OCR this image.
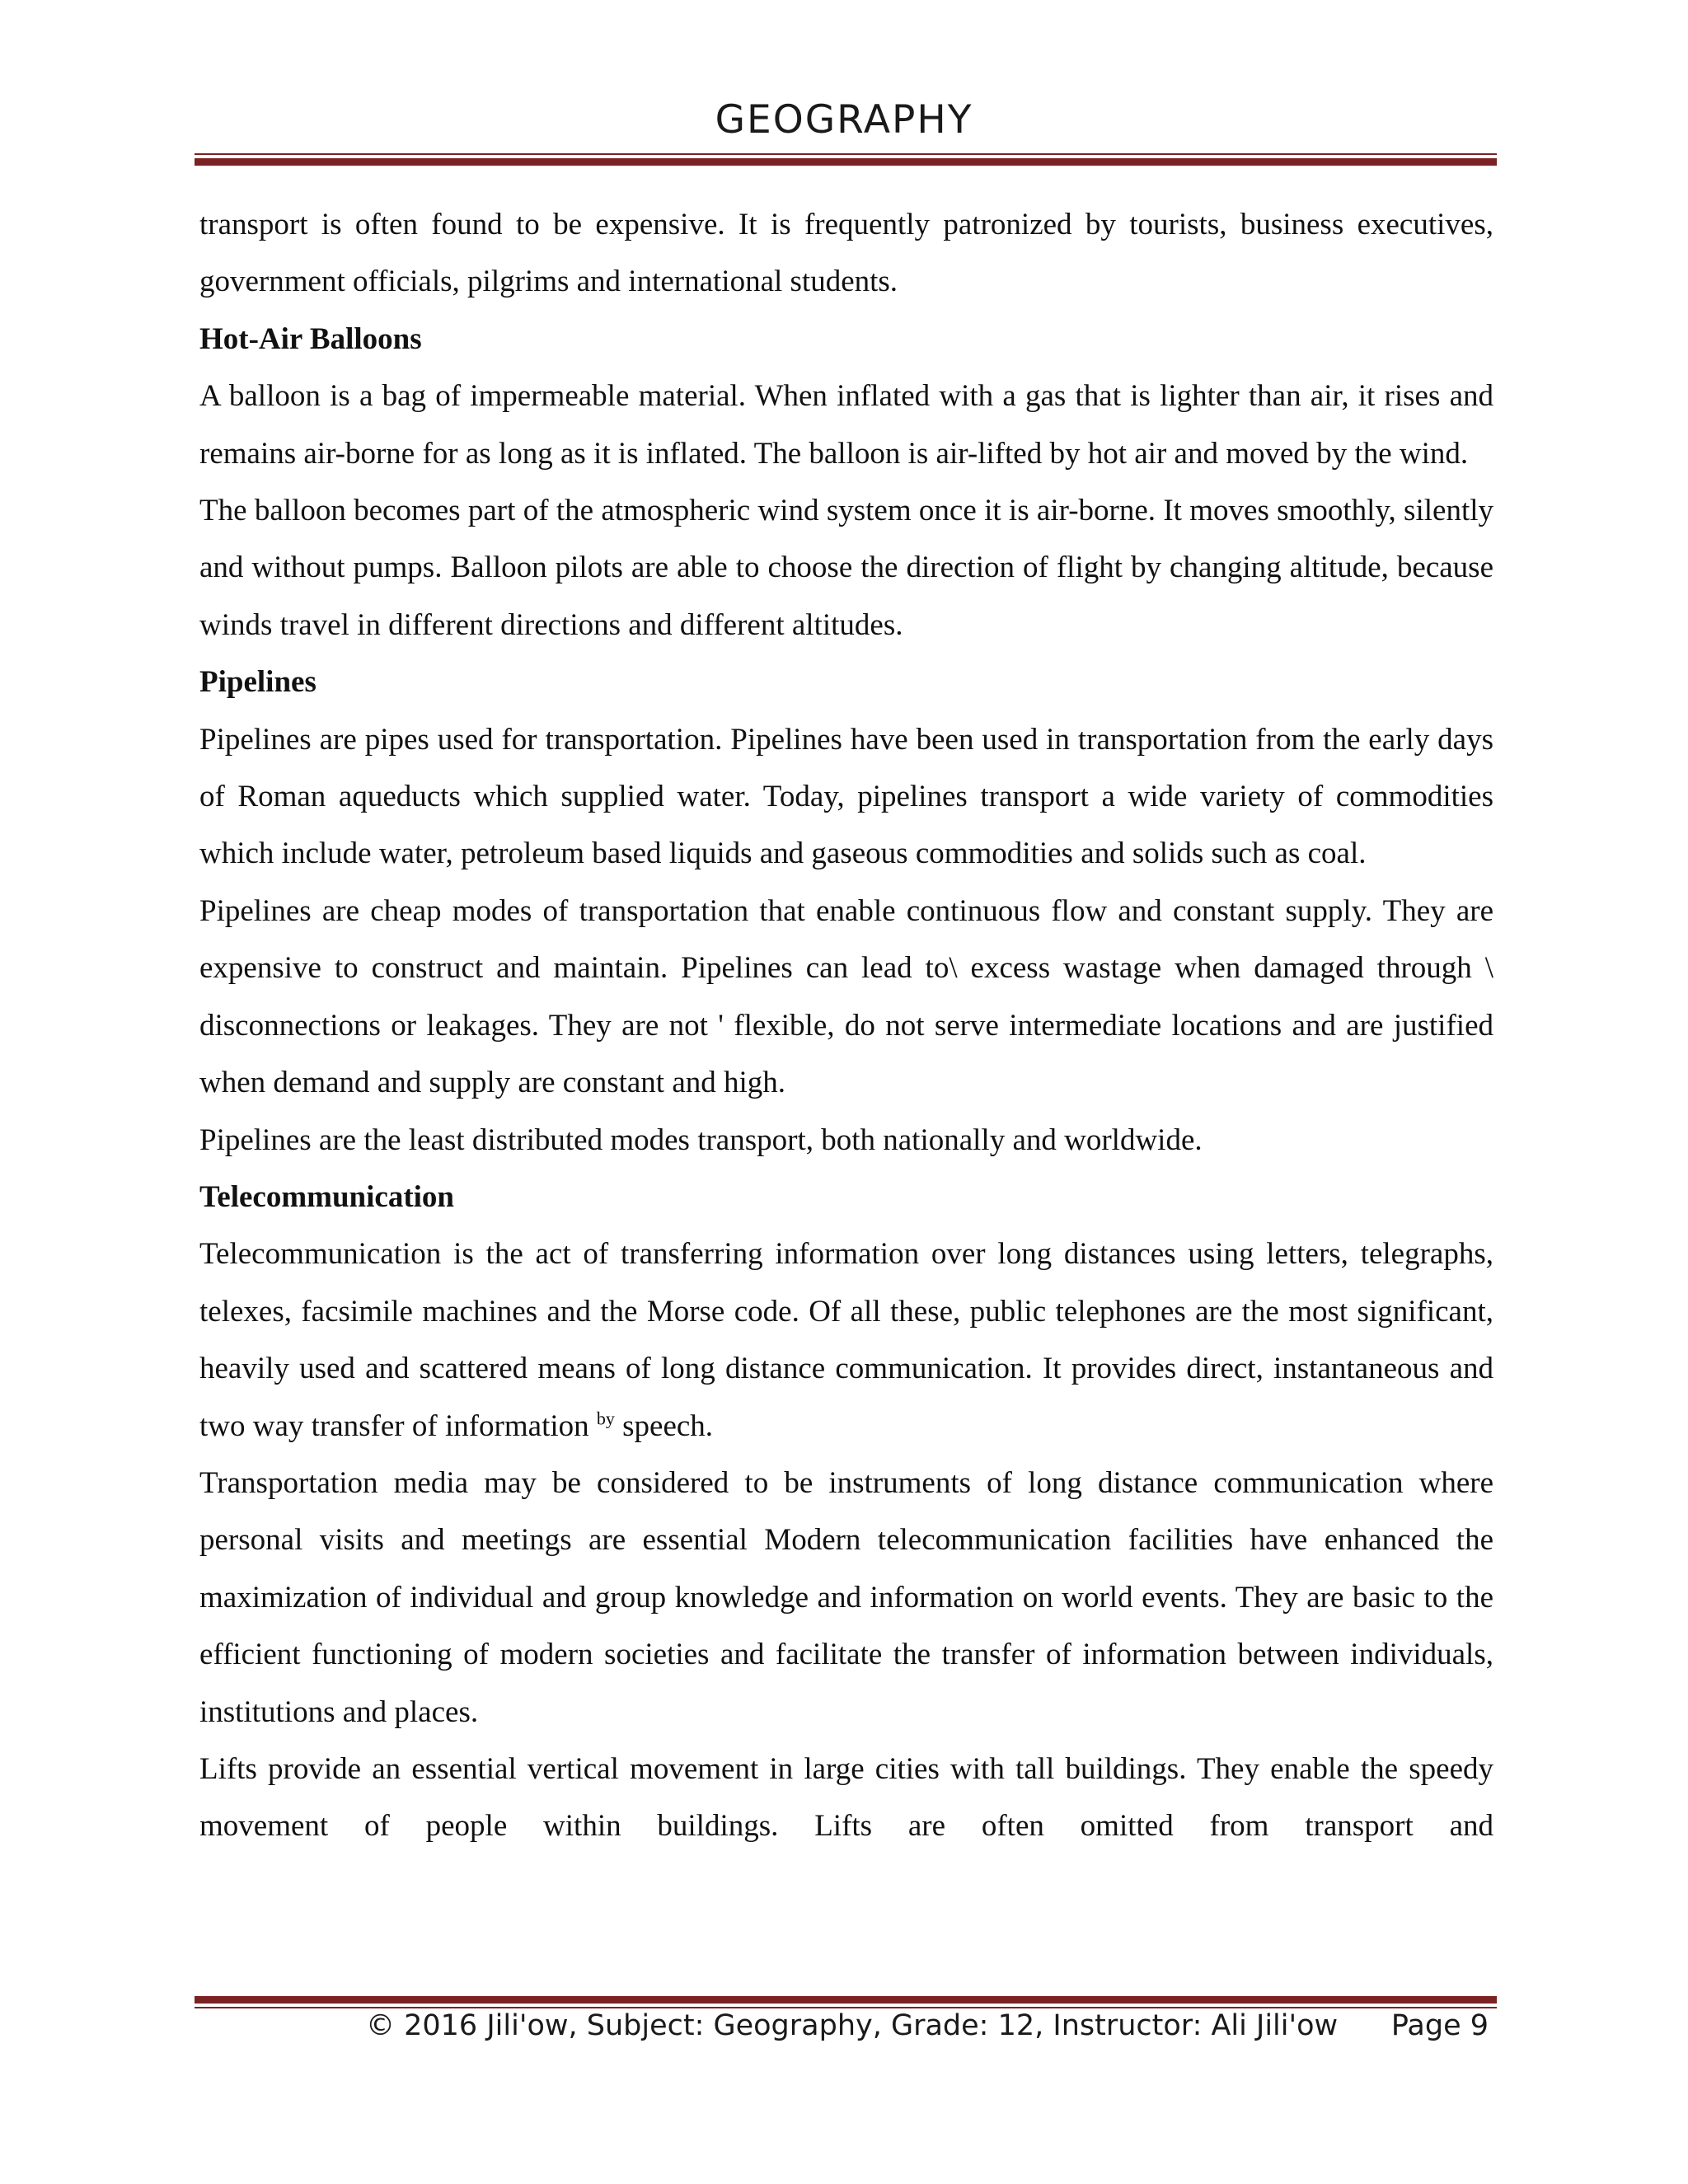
GEOGRAPHY

transport is often found to be expensive. It is frequently patronized by tourists, business executives, government officials, pilgrims and international students.

Hot-Air Balloons

A balloon is a bag of impermeable material. When inflated with a gas that is lighter than air, it rises and remains air-borne for as long as it is inflated. The balloon is air-lifted by hot air and moved by the wind.

The balloon becomes part of the atmospheric wind system once it is air-borne. It moves smoothly, silently and without pumps. Balloon pilots are able to choose the direction of flight by changing altitude, because winds travel in different directions and different altitudes.

Pipelines

Pipelines are pipes used for transportation. Pipelines have been used in transportation from the early days of Roman aqueducts which supplied water. Today, pipelines transport a wide variety of commodities which include water, petroleum based liquids and gaseous commodities and solids such as coal.

Pipelines are cheap modes of transportation that enable continuous flow and constant supply. They are expensive to construct and maintain. Pipelines can lead to\ excess wastage when damaged through \ disconnections or leakages. They are not ' flexible, do not serve intermediate locations and are justified when demand and supply are constant and high.

Pipelines are the least distributed modes transport, both nationally and worldwide.

Telecommunication

Telecommunication is the act of transferring information over long distances using letters, telegraphs, telexes, facsimile machines and the Morse code. Of all these, public telephones are the most significant, heavily used and scattered means of long distance communication. It provides direct, instantaneous and two way transfer of information $^{by}$ speech.

Transportation media may be considered to be instruments of long distance communication where personal visits and meetings are essential Modern telecommunication facilities have enhanced the maximization of individual and group knowledge and information on world events. They are basic to the efficient functioning of modern societies and facilitate the transfer of information between individuals, institutions and places.

Lifts provide an essential vertical movement in large cities with tall buildings. They enable the speedy movement of people within buildings. Lifts are often omitted from transport and

© 2016 Jili'ow, Subject: Geography, Grade: 12, Instructor: Ali Jili'ow Page 9
